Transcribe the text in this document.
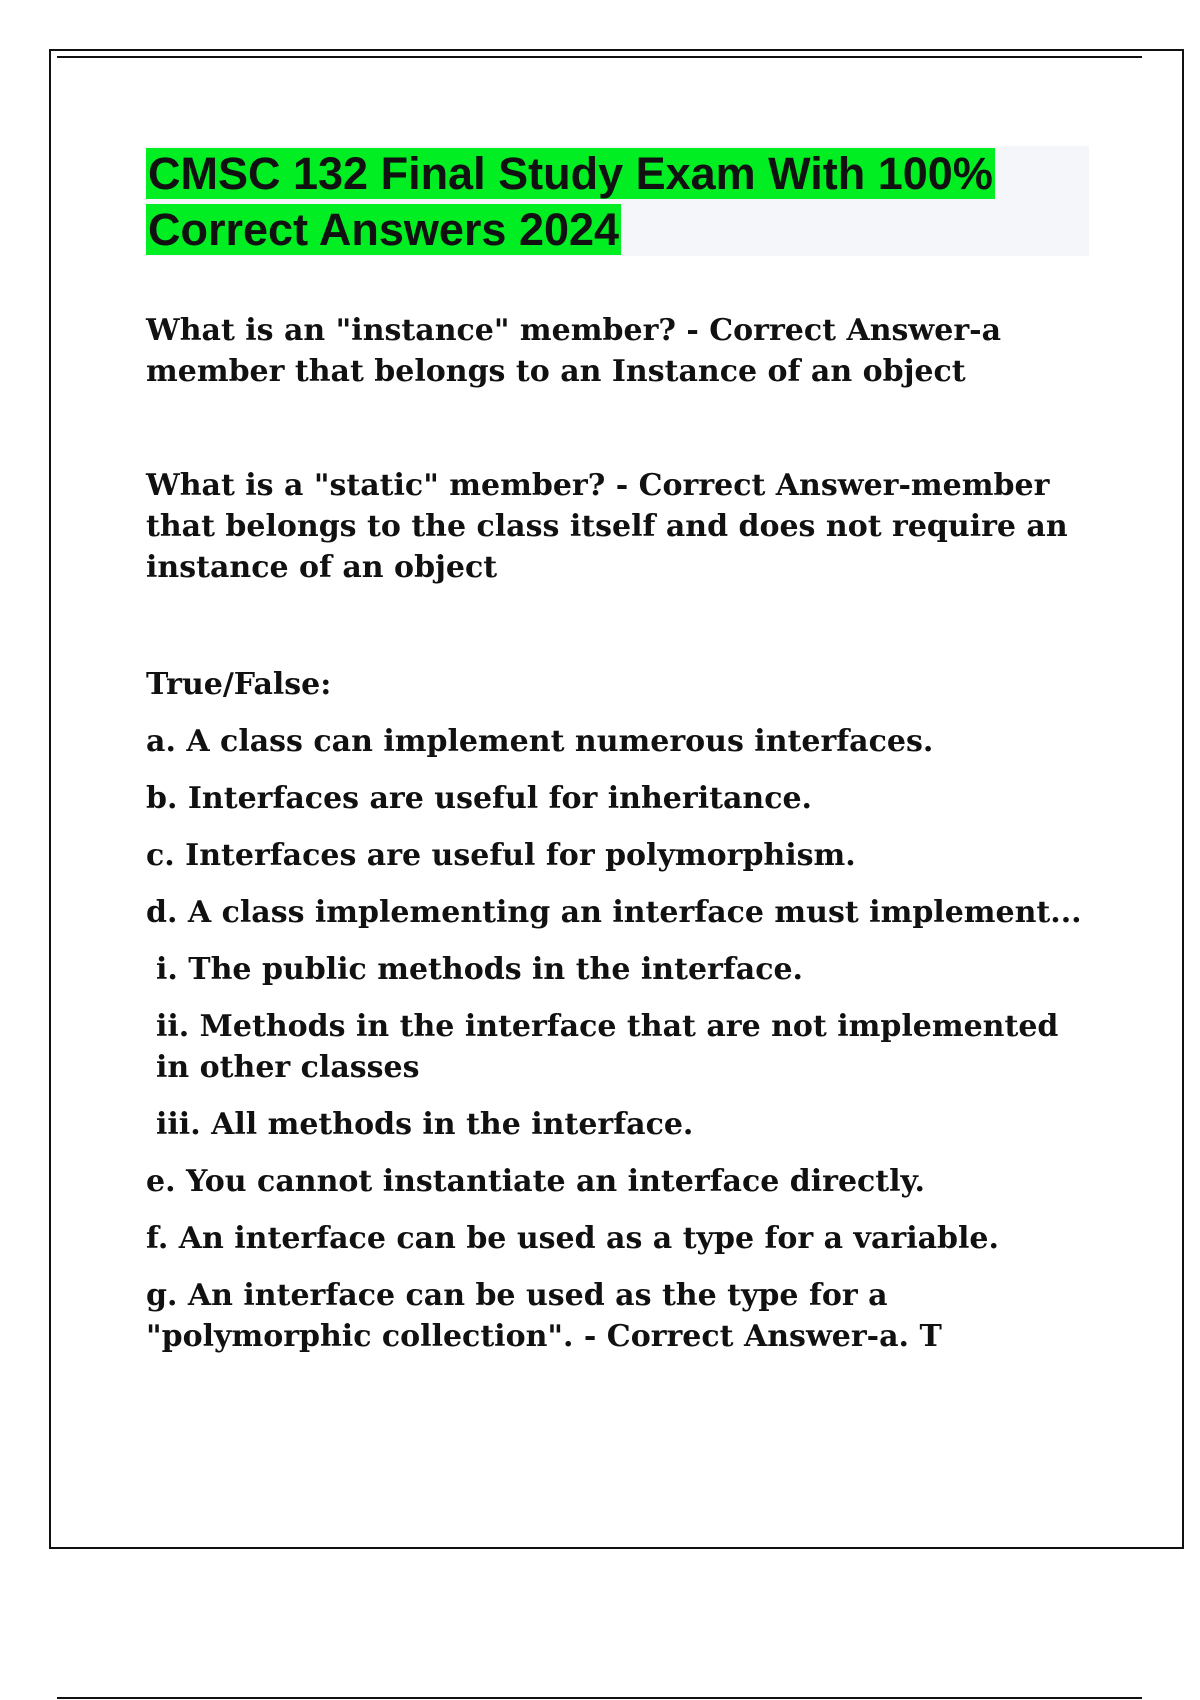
CMSC 132 Final Study Exam With 100%
Correct Answers 2024

What is an "instance" member? - Correct Answer-a member that belongs to an Instance of an object

What is a "static" member? - Correct Answer-member that belongs to the class itself and does not require an instance of an object

True/False:

a. A class can implement numerous interfaces.

b. Interfaces are useful for inheritance.

c. Interfaces are useful for polymorphism.

d. A class implementing an interface must implement...

i. The public methods in the interface.

ii. Methods in the interface that are not implemented in other classes

iii. All methods in the interface.

e. You cannot instantiate an interface directly.

f. An interface can be used as a type for a variable.

g. An interface can be used as the type for a "polymorphic collection". - Correct Answer-a. T
